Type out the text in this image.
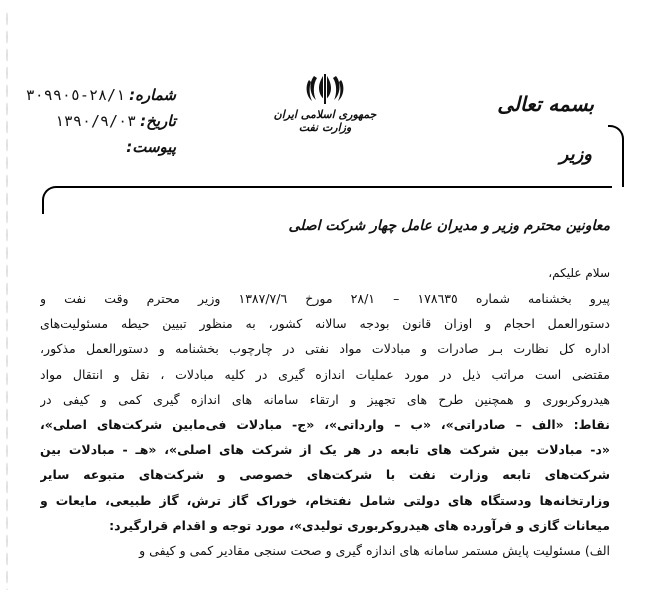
شماره:
٢٨/١-٣٠٩٩٠٥
تاریخ:
١٣٩٠/٩/٠٣
پیوست:
جمهوری اسلامی ایران
وزارت نفت
بسمه تعالی
وزیر
معاونین محترم وزیر و مدیران عامل چهار شرکت اصلی
سلام علیکم،

پیرو بخشنامه شماره ١٧٨٦٣٥ – ٢٨/١ مورخ ١٣٨٧/٧/٦ وزیر محترم وقت نفت و

دستورالعمل احجام و اوزان قانون بودجه سالانه کشور، به منظور تبیین حیطه مسئولیت‌های

اداره کل نظارت بـر صادرات و مبادلات مواد نفتی در چارچوب بخشنامه و دستورالعمل مذکور،

مقتضی است مراتب ذیل در مورد عملیات اندازه گیری در کلیه مبادلات ، نقل و انتقال مواد

هیدروکربوری و همچنین طرح های تجهیز و ارتقاء سامانه های اندازه گیری کمی و کیفی در

نقاط: «الف – صادراتی»، «ب – وارداتی»، «ج- مبادلات فی‌مابین شرکت‌های اصلی»،

«د- مبادلات بین شرکت های تابعه در هر یک از شرکت های اصلی»، «هـ - مبادلات بین

شرکت‌های تابعه وزارت نفت با شرکت‌های خصوصی و شرکت‌های متبوعه سایر

وزارتخانه‌ها ودستگاه های دولتی شامل نفتخام، خوراک گاز ترش، گاز طبیعی، مایعات و

میعانات گازی و فرآورده های هیدروکربوری تولیدی»، مورد توجه و اقدام قرارگیرد:

الف) مسئولیت پایش مستمر سامانه های اندازه گیری و صحت سنجی مقادیر کمی و کیفی و
